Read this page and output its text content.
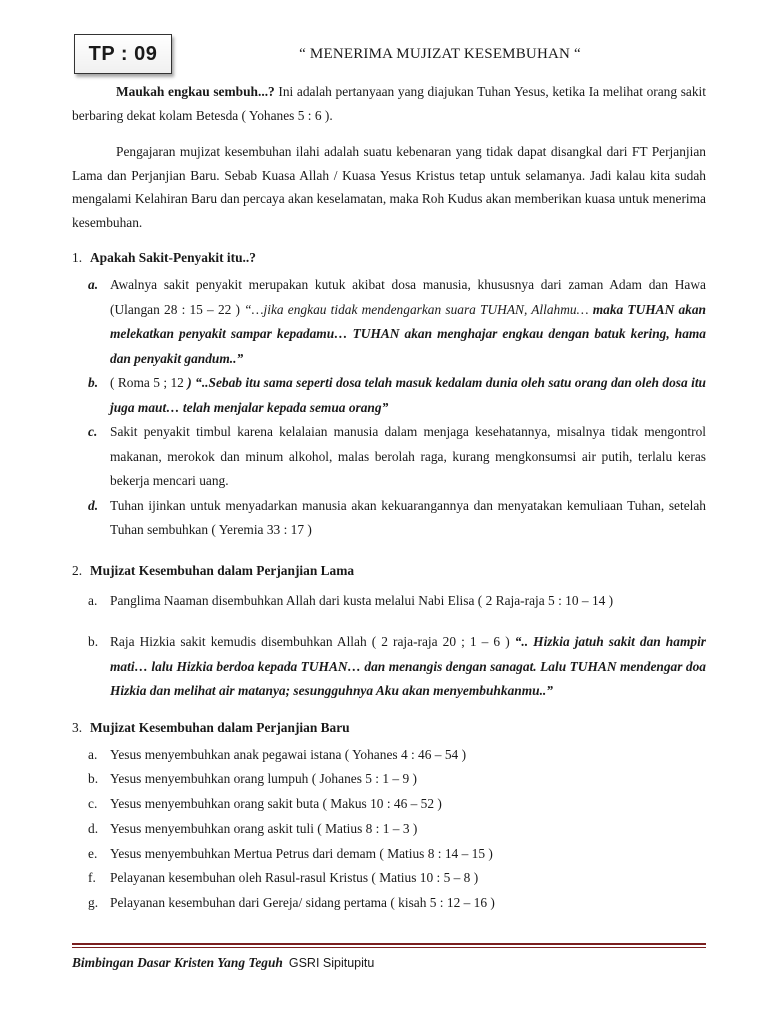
TP : 09	“ MENERIMA MUJIZAT KESEMBUHAN “

Maukah engkau sembuh...? Ini adalah pertanyaan yang diajukan Tuhan Yesus, ketika Ia melihat orang sakit berbaring dekat kolam Betesda ( Yohanes 5 : 6 ).

Pengajaran mujizat kesembuhan ilahi adalah suatu kebenaran yang tidak dapat disangkal dari FT Perjanjian Lama dan Perjanjian Baru. Sebab Kuasa Allah / Kuasa Yesus Kristus tetap untuk selamanya. Jadi kalau kita sudah mengalami Kelahiran Baru dan percaya akan keselamatan, maka Roh Kudus akan memberikan kuasa untuk menerima kesembuhan.

1. Apakah Sakit-Penyakit itu..?
a. Awalnya sakit penyakit merupakan kutuk akibat dosa manusia, khususnya dari zaman Adam dan Hawa (Ulangan 28 : 15 – 22 ) “…jika engkau tidak mendengarkan suara TUHAN, Allahmu… maka TUHAN akan melekatkan penyakit sampar kepadamu… TUHAN akan menghajar engkau dengan batuk kering, hama dan penyakit gandum..”
b. ( Roma 5 ; 12 ) “..Sebab itu sama seperti dosa telah masuk kedalam dunia oleh satu orang dan oleh dosa itu juga maut… telah menjalar kepada semua orang”
c. Sakit penyakit timbul karena kelalaian manusia dalam menjaga kesehatannya, misalnya tidak mengontrol makanan, merokok dan minum alkohol, malas berolah raga, kurang mengkonsumsi air putih, terlalu keras bekerja mencari uang.
d. Tuhan ijinkan untuk menyadarkan manusia akan kekuarangannya dan menyatakan kemuliaan Tuhan, setelah Tuhan sembuhkan ( Yeremia 33 : 17 )
2. Mujizat Kesembuhan dalam Perjanjian Lama
a. Panglima Naaman disembuhkan Allah dari kusta melalui Nabi Elisa ( 2 Raja-raja 5 : 10 – 14 )
b. Raja Hizkia sakit kemudis disembuhkan Allah ( 2 raja-raja 20 ; 1 – 6 ) “.. Hizkia jatuh sakit dan hampir mati… lalu Hizkia berdoa kepada TUHAN… dan menangis dengan sanagat. Lalu TUHAN mendengar doa Hizkia dan melihat air matanya; sesungguhnya Aku akan menyembuhkanmu..”
3. Mujizat Kesembuhan dalam Perjanjian Baru
a. Yesus menyembuhkan anak pegawai istana ( Yohanes 4 : 46 – 54 )
b. Yesus menyembuhkan orang lumpuh ( Johanes 5 : 1 – 9 )
c. Yesus menyembuhkan orang sakit buta ( Makus 10 : 46 – 52 )
d. Yesus menyembuhkan orang askit tuli ( Matius 8 : 1 – 3 )
e. Yesus menyembuhkan Mertua Petrus dari demam ( Matius 8 : 14 – 15 )
f.	Pelayanan kesembuhan oleh Rasul-rasul Kristus ( Matius 10 : 5 – 8 )
g. Pelayanan kesembuhan dari Gereja/ sidang pertama ( kisah 5 : 12 – 16 )
Bimbingan Dasar Kristen Yang Teguh GSRI Sipitupitu
